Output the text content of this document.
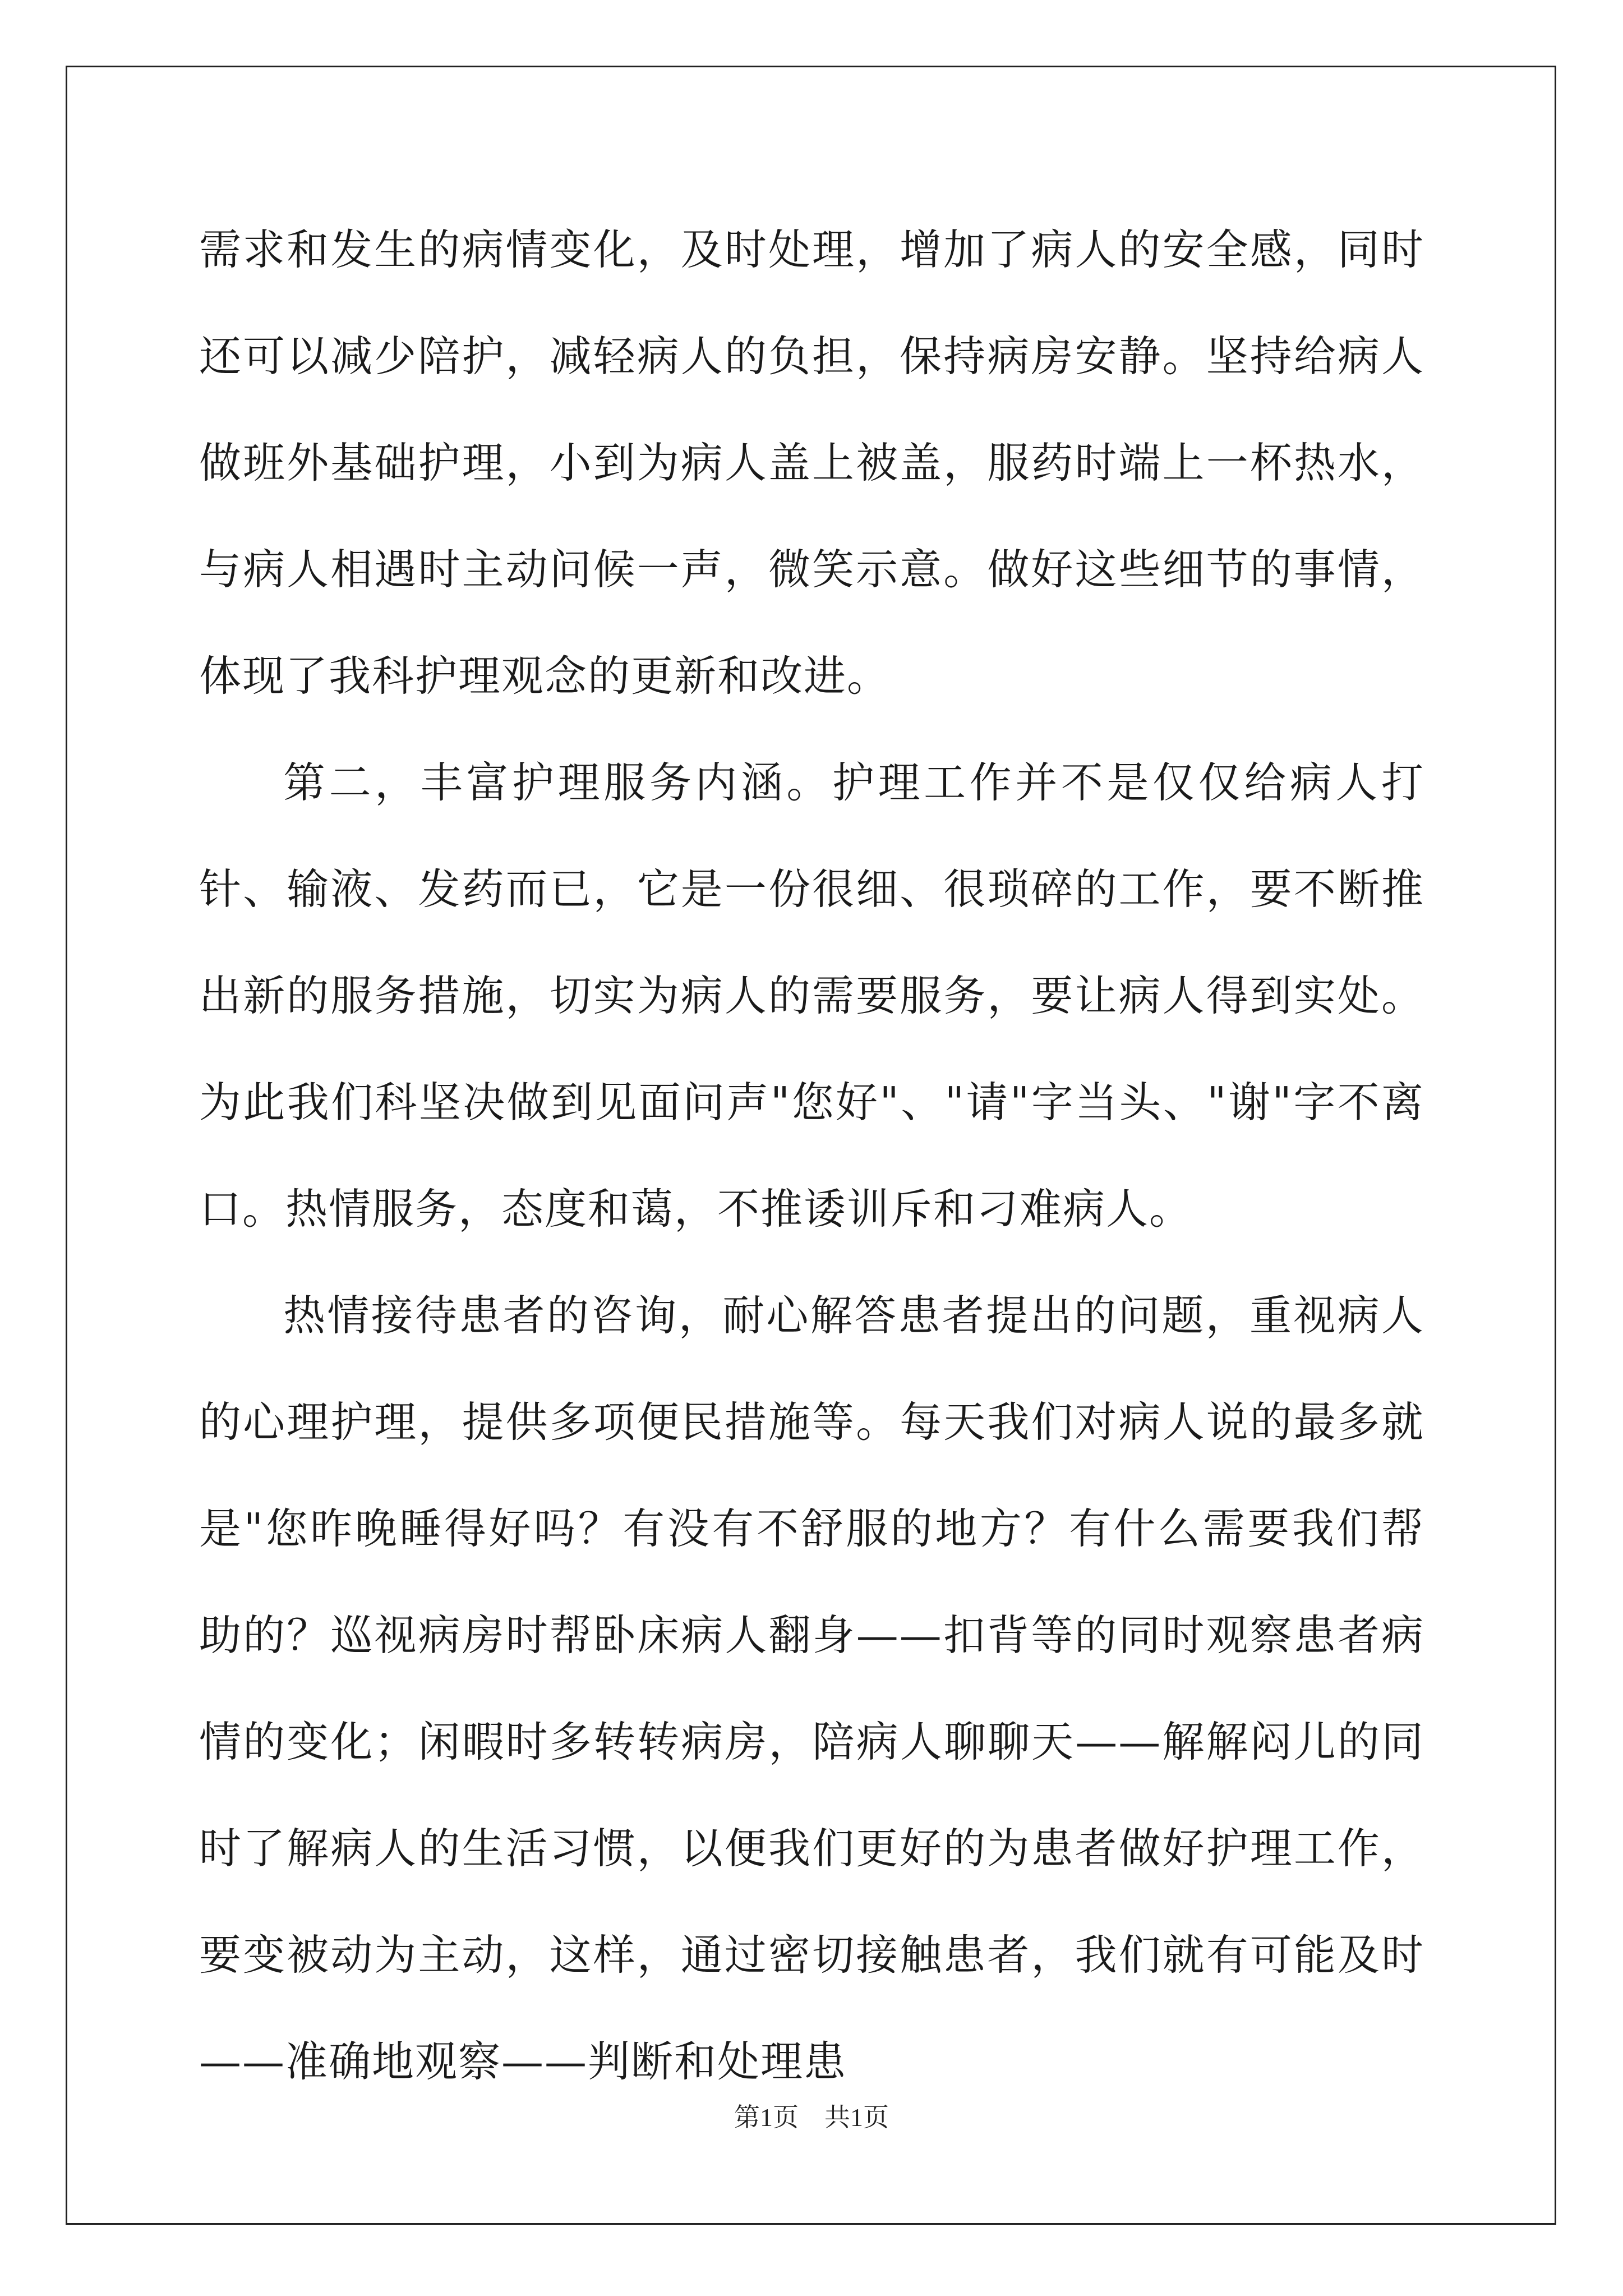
需求和发生的病情变化，及时处理，增加了病人的安全感，同时还可以减少陪护，减轻病人的负担，保持病房安静。坚持给病人做班外基础护理，小到为病人盖上被盖，服药时端上一杯热水，与病人相遇时主动问候一声，微笑示意。做好这些细节的事情，体现了我科护理观念的更新和改进。

第二，丰富护理服务内涵。护理工作并不是仅仅给病人打针、输液、发药而已，它是一份很细、很琐碎的工作，要不断推出新的服务措施，切实为病人的需要服务，要让病人得到实处。为此我们科坚决做到见面问声"您好"、"请"字当头、"谢"字不离口。热情服务，态度和蔼，不推诿训斥和刁难病人。

热情接待患者的咨询，耐心解答患者提出的问题，重视病人的心理护理，提供多项便民措施等。每天我们对病人说的最多就是"您昨晚睡得好吗？有没有不舒服的地方？有什么需要我们帮助的？巡视病房时帮卧床病人翻身——扣背等的同时观察患者病情的变化；闲暇时多转转病房，陪病人聊聊天——解解闷儿的同时了解病人的生活习惯，以便我们更好的为患者做好护理工作，要变被动为主动，这样，通过密切接触患者，我们就有可能及时——准确地观察——判断和处理患

第1页 共1页
